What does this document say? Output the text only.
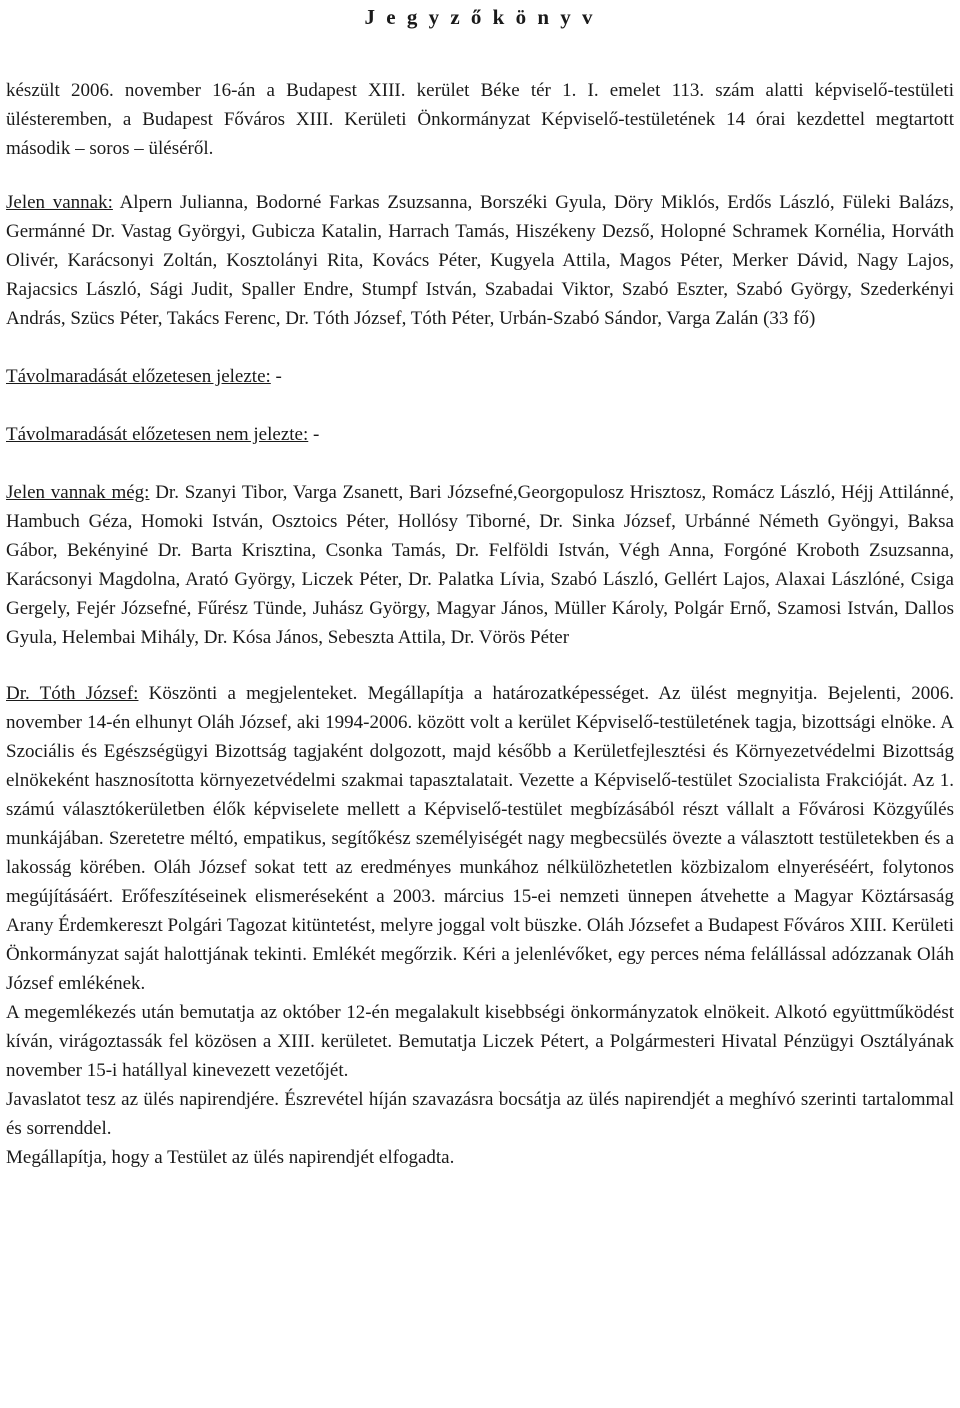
J e g y z ő k ö n y v

készült 2006. november 16-án a Budapest XIII. kerület Béke tér 1. I. emelet 113. szám alatti képviselő-testületi ülésteremben, a Budapest Főváros XIII. Kerületi Önkormányzat Képviselő-testületének 14 órai kezdettel megtartott második – soros – üléséről.

Jelen vannak: Alpern Julianna, Bodorné Farkas Zsuzsanna, Borszéki Gyula, Döry Miklós, Erdős László, Füleki Balázs, Germánné Dr. Vastag Györgyi, Gubicza Katalin, Harrach Tamás, Hiszékeny Dezső, Holopné Schramek Kornélia, Horváth Olivér, Karácsonyi Zoltán, Kosztolányi Rita, Kovács Péter, Kugyela Attila, Magos Péter, Merker Dávid, Nagy Lajos, Rajacsics László, Sági Judit, Spaller Endre, Stumpf István, Szabadai Viktor, Szabó Eszter, Szabó György, Szederkényi András, Szücs Péter, Takács Ferenc, Dr. Tóth József, Tóth Péter, Urbán-Szabó Sándor, Varga Zalán (33 fő)

Távolmaradását előzetesen jelezte: -

Távolmaradását előzetesen nem jelezte: -

Jelen vannak még: Dr. Szanyi Tibor, Varga Zsanett, Bari Józsefné,Georgopulosz Hrisztosz, Romácz László, Héjj Attilánné, Hambuch Géza, Homoki István, Osztoics Péter, Hollósy Tiborné, Dr. Sinka József, Urbánné Németh Gyöngyi, Baksa Gábor, Bekényiné Dr. Barta Krisztina, Csonka Tamás, Dr. Felföldi István, Végh Anna, Forgóné Kroboth Zsuzsanna, Karácsonyi Magdolna, Arató György, Liczek Péter, Dr. Palatka Lívia, Szabó László, Gellért Lajos, Alaxai Lászlóné, Csiga Gergely, Fejér Józsefné, Fűrész Tünde, Juhász György, Magyar János, Müller Károly, Polgár Ernő, Szamosi István, Dallos Gyula, Helembai Mihály, Dr. Kósa János, Sebeszta Attila, Dr. Vörös Péter

Dr. Tóth József: Köszönti a megjelenteket. Megállapítja a határozatképességet. Az ülést megnyitja. Bejelenti, 2006. november 14-én elhunyt Oláh József, aki 1994-2006. között volt a kerület Képviselő-testületének tagja, bizottsági elnöke. A Szociális és Egészségügyi Bizottság tagjaként dolgozott, majd később a Kerületfejlesztési és Környezetvédelmi Bizottság elnökeként hasznosította környezetvédelmi szakmai tapasztalatait. Vezette a Képviselő-testület Szocialista Frakcióját. Az 1. számú választókerületben élők képviselete mellett a Képviselő-testület megbízásából részt vállalt a Fővárosi Közgyűlés munkájában. Szeretetre méltó, empatikus, segítőkész személyiségét nagy megbecsülés övezte a választott testületekben és a lakosság körében. Oláh József sokat tett az eredményes munkához nélkülözhetetlen közbizalom elnyeréséért, folytonos megújításáért. Erőfeszítéseinek elismeréseként a 2003. március 15-ei nemzeti ünnepen átvehette a Magyar Köztársaság Arany Érdemkereszt Polgári Tagozat kitüntetést, melyre joggal volt büszke. Oláh Józsefet a Budapest Főváros XIII. Kerületi Önkormányzat saját halottjának tekinti. Emlékét megőrzik. Kéri a jelenlévőket, egy perces néma felállással adózzanak Oláh József emlékének.

A megemlékezés után bemutatja az október 12-én megalakult kisebbségi önkormányzatok elnökeit. Alkotó együttműködést kíván, virágoztassák fel közösen a XIII. kerületet. Bemutatja Liczek Pétert, a Polgármesteri Hivatal Pénzügyi Osztályának november 15-i hatállyal kinevezett vezetőjét.

Javaslatot tesz az ülés napirendjére. Észrevétel híján szavazásra bocsátja az ülés napirendjét a meghívó szerinti tartalommal és sorrenddel.

Megállapítja, hogy a Testület az ülés napirendjét elfogadta.
